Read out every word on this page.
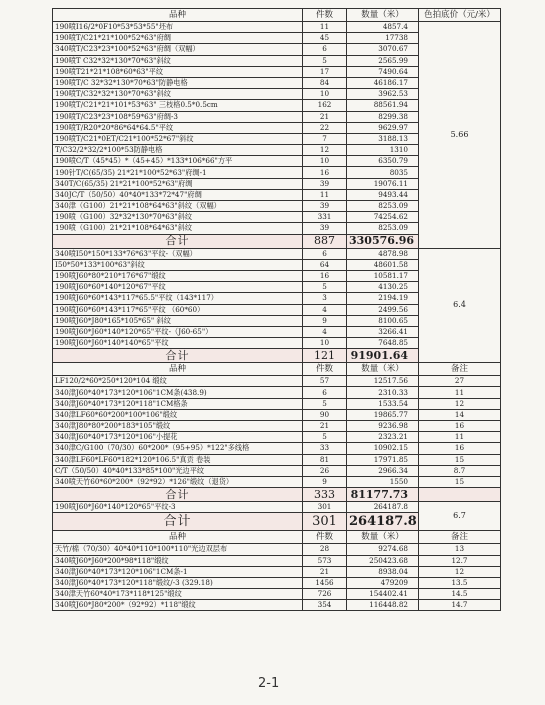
品种	件数	数量（米）	色拍底价（元/米）
190喷I16/2*0F10*53*53*55"坯布	11	4857.4	5.66
190喷T/C21*21*100*52*63"府绸	45	17738	
340喷T/C23*23*100*52*63"府绸（双幅）	6	3070.67	
190喷T C32*32*130*70*63"斜纹	5	2565.99	
190喷T21*21*108*60*63"平纹	17	7490.64	
190喷T/C 32*32*130*70*63"防静电格	84	46186.17	
190喷T/C32*32*130*70*63"斜纹	10	3962.53	
190喷T/C21*21*101*53*63" 三枝格0.5*0.5cm	162	88561.94	
190喷T/C23*23*108*59*63"府绸-3	21	8299.38	
190喷T/R20*20*86*64*64.5"平纹	22	9629.97	
190喷T/C21*0ET/C21*100*52*67"斜纹	7	3188.13	
T/C32/2*32/2*100*53防静电格	12	1310	
190喷C/T（45*45）*（45+45）*133*106*66"方平	10	6350.79	
190针T/C(65/35) 21*21*100*52*63"府绸-1	16	8035	
340T/C(65/35) 21*21*100*52*63"府绸	39	19076.11	
340JC/T（50/50）40*40*133*72*47"府绸	11	9493.44	
340津（G100）21*21*108*64*63"斜纹（双幅）	39	8253.09	
190喷（G100）32*32*130*70*63"斜纹	331	74254.62	
190喷（G100）21*21*108*64*63"斜纹	39	8253.09	
合计	887	330576.96	
340喷I50*150*133*76*63"平纹-（双幅）	6	4878.98	6.4
I50*50*133*100*63"斜纹	64	48601.58	
190喷J60*80*210*176*67"缎纹	16	10581.17	
190喷J60*60*140*120*67"平纹	5	4130.25	
190喷J60*60*143*117*65.5"平纹（143*117）	3	2194.19	
190喷J60*60*143*117*65"平纹 （60*60）	4	2499.56	
190喷J60*J80*165*105*65" 斜纹	9	8100.65	
190喷J60*J60*140*120*65"平纹-（J60-65"）	4	3266.41	
190喷J60*J60*140*140*65"平纹	10	7648.85	
合计	121	91901.64	
品种	件数	数量（米）	备注
LF120/2*60*250*120*104 缎纹	57	12517.56	27
340津J60*40*173*120*106"1CM条(438.9)	6	2310.33	11
340津J60*40*173*120*118"1CM格条	5	1533.54	12
340津LF60*60*200*100*106"缎纹	90	19865.77	14
340津J80*80*200*183*105"缎纹	21	9236.98	16
340津J60*40*173*120*106"小提花	5	2323.21	11
340津C/G100（70/30）60*200*（95+95）*122"多线格	33	10902.15	16
340津LF60*LF60*182*120*106.5"真贡 卷装	81	17971.85	15
C/T（50/50）40*40*133*85*100"光边平纹	26	2966.34	8.7
340喷天竹60*60*200*（92*92）*126"缎纹（退货）	9	1550	15
合计	333	81177.73	
190喷J60*J60*140*120*65"平纹-3	301	264187.8	6.7
合计	301	264187.8	
品种	件数	数量（米）	备注
天竹/棉（70/30）40*40*110*100*110"光边双层布	28	9274.68	13
340喷J60*J60*200*98*118"缎纹	573	250423.68	12.7
340津J60*40*173*120*106"1CM条-1	21	8938.04	12
340津J60*40*173*120*118"缎纹/-3 (329.18)	1456	479209	13.5
340津天竹60*40*173*118*125"缎纹	726	154402.41	14.5
340喷J60*J80*200*（92*92）*118"缎纹	354	116448.82	14.7
2-1
